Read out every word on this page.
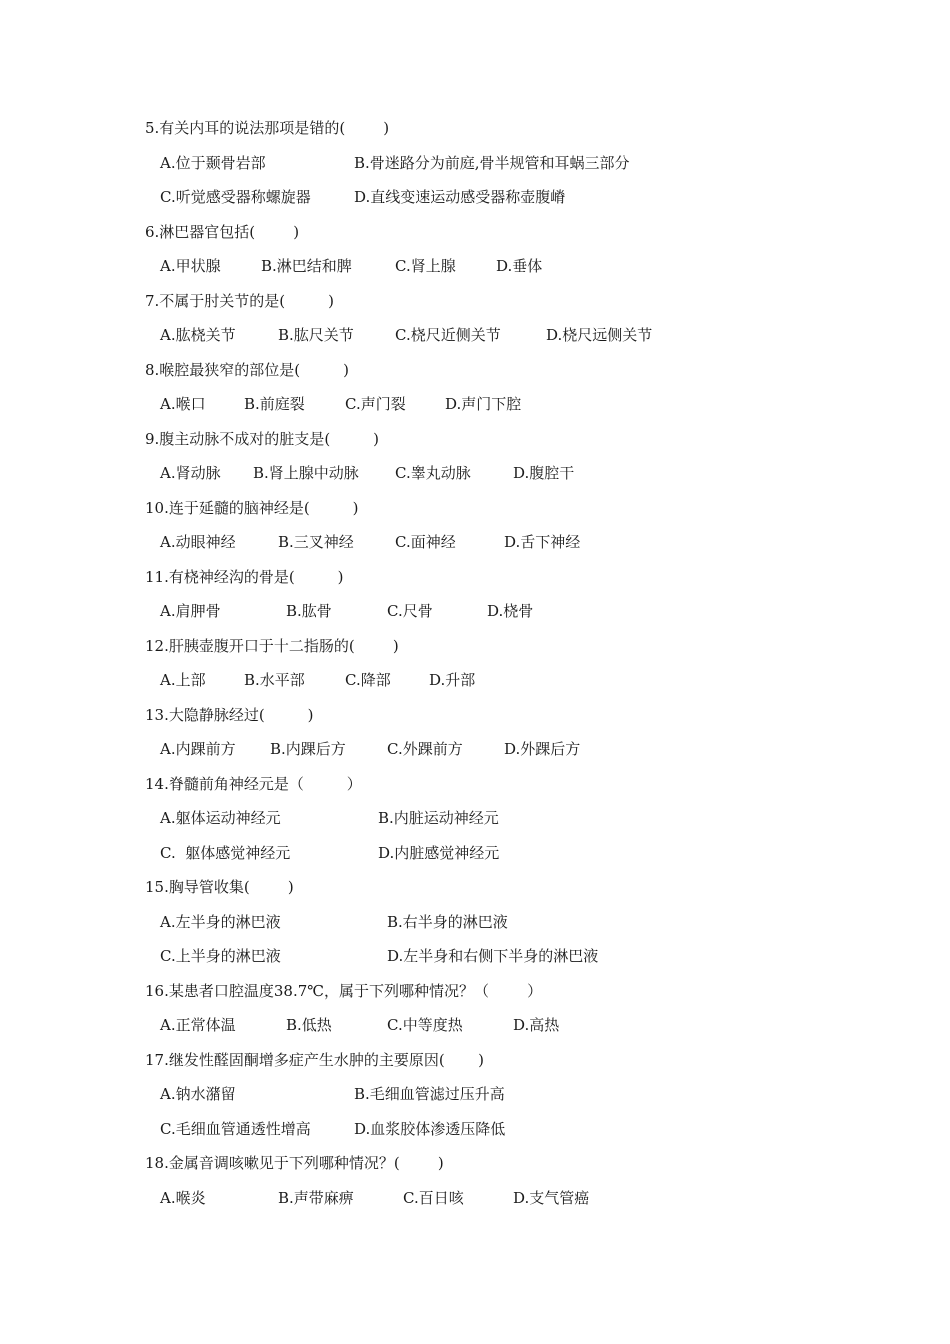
5.有关内耳的说法那项是错的(        )
A.位于颞骨岩部	B.骨迷路分为前庭,骨半规管和耳蜗三部分
C.听觉感受器称螺旋器	D.直线变速运动感受器称壶腹嵴
6.淋巴器官包括(        )
A.甲状腺	B.淋巴结和脾	C.肾上腺	D.垂体
7.不属于肘关节的是(         )
A.肱桡关节	B.肱尺关节	C.桡尺近侧关节	D.桡尺远侧关节
8.喉腔最狭窄的部位是(         )
A.喉口	B.前庭裂	C.声门裂	D.声门下腔
9.腹主动脉不成对的脏支是(         )
A.肾动脉 B.肾上腺中动脉 C.睾丸动脉	D.腹腔干
10.连于延髓的脑神经是(         )
A.动眼神经	B.三叉神经	C.面神经	D.舌下神经
11.有桡神经沟的骨是(         )
A.肩胛骨	B.肱骨	C.尺骨	D.桡骨
12.肝胰壶腹开口于十二指肠的(        )
A.上部	B.水平部	C.降部	D.升部
13.大隐静脉经过(         )
A.内踝前方 B.内踝后方	C.外踝前方	D.外踝后方
14.脊髓前角神经元是（         ）
A.躯体运动神经元	B.内脏运动神经元
C.  躯体感觉神经元	D.内脏感觉神经元
15.胸导管收集(        )
A.左半身的淋巴液	B.右半身的淋巴液
C.上半身的淋巴液	D.左半身和右侧下半身的淋巴液
16.某患者口腔温度38.7℃，属于下列哪种情况？（        ）
A.正常体温	B.低热	C.中等度热	D.高热
17.继发性醛固酮增多症产生水肿的主要原因(       )
A.钠水潴留	B.毛细血管滤过压升高
C.毛细血管通透性增高	D.血浆胶体渗透压降低
18.金属音调咳嗽见于下列哪种情况？(        )
A.喉炎	B.声带麻痹	C.百日咳	D.支气管癌
